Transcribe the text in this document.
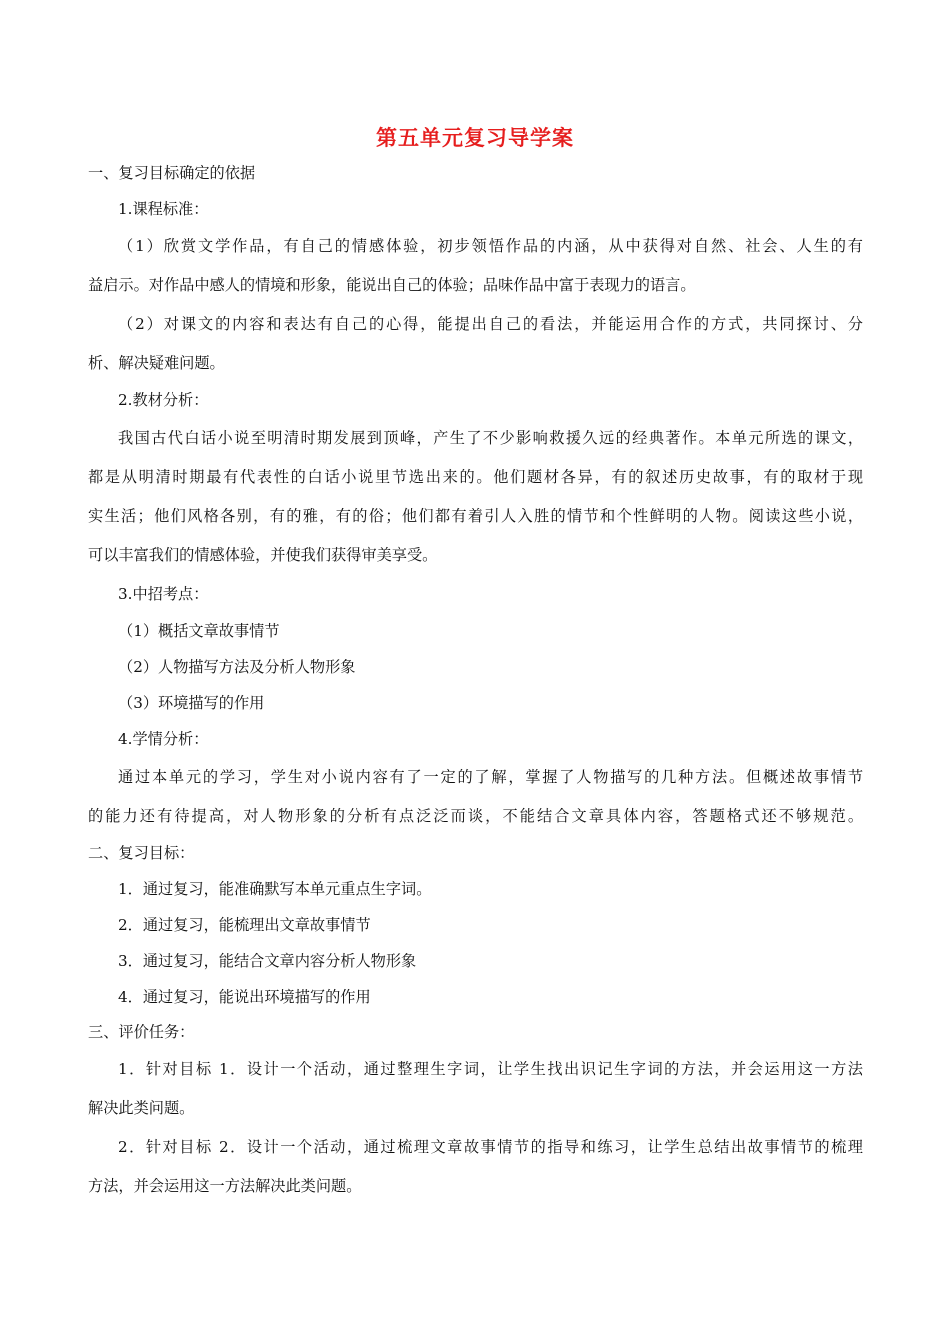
第五单元复习导学案
一、复习目标确定的依据
1.课程标准：
（1）欣赏文学作品，有自己的情感体验，初步领悟作品的内涵，从中获得对自然、社会、人生的有
益启示。对作品中感人的情境和形象，能说出自己的体验；品味作品中富于表现力的语言。
（2）对课文的内容和表达有自己的心得，能提出自己的看法，并能运用合作的方式，共同探讨、分
析、解决疑难问题。
2.教材分析：
我国古代白话小说至明清时期发展到顶峰，产生了不少影响救援久远的经典著作。本单元所选的课文，
都是从明清时期最有代表性的白话小说里节选出来的。他们题材各异，有的叙述历史故事，有的取材于现
实生活；他们风格各别，有的雅，有的俗；他们都有着引人入胜的情节和个性鲜明的人物。阅读这些小说，
可以丰富我们的情感体验，并使我们获得审美享受。
3.中招考点：
（1）概括文章故事情节
（2）人物描写方法及分析人物形象
（3）环境描写的作用
4.学情分析：
通过本单元的学习，学生对小说内容有了一定的了解，掌握了人物描写的几种方法。但概述故事情节
的能力还有待提高，对人物形象的分析有点泛泛而谈，不能结合文章具体内容，答题格式还不够规范。
二、复习目标：
1．通过复习，能准确默写本单元重点生字词。
2．通过复习，能梳理出文章故事情节
3．通过复习，能结合文章内容分析人物形象
4．通过复习，能说出环境描写的作用
三、评价任务：
1．针对目标 1．设计一个活动，通过整理生字词，让学生找出识记生字词的方法，并会运用这一方法
解决此类问题。
2．针对目标 2．设计一个活动，通过梳理文章故事情节的指导和练习，让学生总结出故事情节的梳理
方法，并会运用这一方法解决此类问题。
